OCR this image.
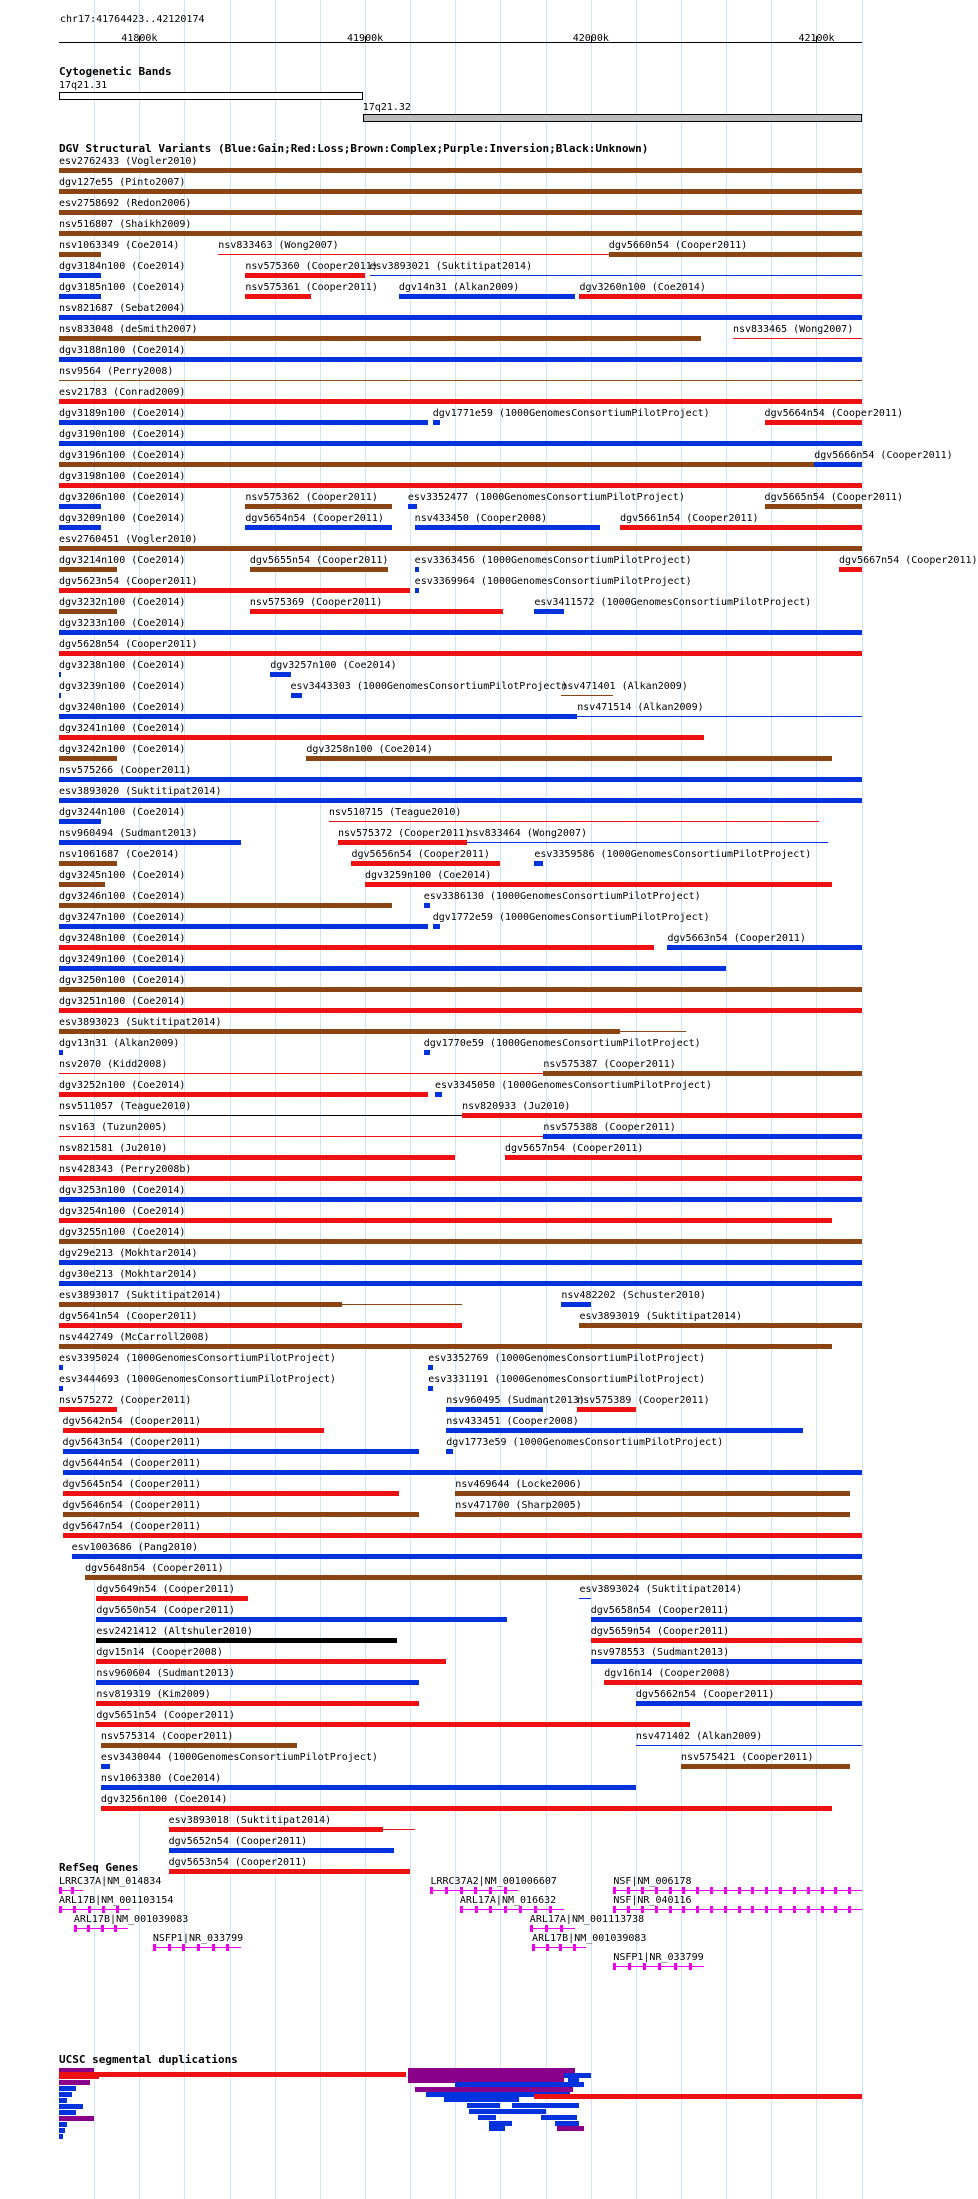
chr17:41764423..42120174
41800k	41900k	42000k	42100k
Cytogenetic Bands
17q21.31
17q21.32
DGV Structural Variants (Blue:Gain;Red:Loss;Brown:Complex;Purple:Inversion;Black:Unknown)
esv2762433 (Vogler2010)
dgv127e55 (Pinto2007)
esv2758692 (Redon2006)
nsv516807 (Shaikh2009)
nsv1063349 (Coe2014)	nsv833463 (Wong2007)	dgv5660n54 (Cooper2011)
dgv3184n100 (Coe2014)	nsv575360 (Cooper2011)
esv3893021 (Suktitipat2014)
dgv3185n100 (Coe2014)	nsv575361 (Cooper2011) dgv14n31 (Alkan2009)	dgv3260n100 (Coe2014)
nsv821687 (Sebat2004)
nsv833048 (deSmith2007)	nsv833465 (Wong2007)
dgv3188n100 (Coe2014)
nsv9564 (Perry2008)
esv21783 (Conrad2009)
dgv3189n100 (Coe2014)	dgv1771e59 (1000GenomesConsortiumPilotProject)	dgv5664n54 (Cooper2011)
dgv3190n100 (Coe2014)
dgv3196n100 (Coe2014)	dgv5666n54 (Cooper2011)
dgv3198n100 (Coe2014)
dgv3206n100 (Coe2014)	nsv575362 (Cooper2011)	esv3352477 (1000GenomesConsortiumPilotProject)	dgv5665n54 (Cooper2011)
dgv3209n100 (Coe2014)	dgv5654n54 (Cooper2011)	nsv433450 (Cooper2008)	dgv5661n54 (Cooper2011)
esv2760451 (Vogler2010)
dgv3214n100 (Coe2014)	dgv5655n54 (Cooper2011)	esv3363456 (1000GenomesConsortiumPilotProject)	dgv5667n54 (Cooper2011)
dgv5623n54 (Cooper2011)	esv3369964 (1000GenomesConsortiumPilotProject)
dgv3232n100 (Coe2014)	nsv575369 (Cooper2011)	esv3411572 (1000GenomesConsortiumPilotProject)
dgv3233n100 (Coe2014)
dgv5628n54 (Cooper2011)
dgv3238n100 (Coe2014)	dgv3257n100 (Coe2014)
dgv3239n100 (Coe2014)	esv3443303 (1000GenomesConsortiumPilotProject)
nsv471401 (Alkan2009)
dgv3240n100 (Coe2014)	nsv471514 (Alkan2009)
dgv3241n100 (Coe2014)
dgv3242n100 (Coe2014)	dgv3258n100 (Coe2014)
nsv575266 (Cooper2011)
esv3893020 (Suktitipat2014)
dgv3244n100 (Coe2014)	nsv510715 (Teague2010)
nsv960494 (Sudmant2013)	nsv575372 (Cooper2011)
nsv833464 (Wong2007)
nsv1061687 (Coe2014)	dgv5656n54 (Cooper2011)	esv3359586 (1000GenomesConsortiumPilotProject)
dgv3245n100 (Coe2014)	dgv3259n100 (Coe2014)
dgv3246n100 (Coe2014)	esv3386130 (1000GenomesConsortiumPilotProject)
dgv3247n100 (Coe2014)	dgv1772e59 (1000GenomesConsortiumPilotProject)
dgv3248n100 (Coe2014)	dgv5663n54 (Cooper2011)
dgv3249n100 (Coe2014)
dgv3250n100 (Coe2014)
dgv3251n100 (Coe2014)
esv3893023 (Suktitipat2014)
dgv13n31 (Alkan2009)	dgv1770e59 (1000GenomesConsortiumPilotProject)
nsv2070 (Kidd2008)	nsv575387 (Cooper2011)
dgv3252n100 (Coe2014)	esv3345050 (1000GenomesConsortiumPilotProject)
nsv511057 (Teague2010)	nsv820933 (Ju2010)
nsv163 (Tuzun2005)	nsv575388 (Cooper2011)
nsv821581 (Ju2010)	dgv5657n54 (Cooper2011)
nsv428343 (Perry2008b)
dgv3253n100 (Coe2014)
dgv3254n100 (Coe2014)
dgv3255n100 (Coe2014)
dgv29e213 (Mokhtar2014)
dgv30e213 (Mokhtar2014)
esv3893017 (Suktitipat2014)	nsv482202 (Schuster2010)
dgv5641n54 (Cooper2011)	esv3893019 (Suktitipat2014)
nsv442749 (McCarroll2008)
esv3395024 (1000GenomesConsortiumPilotProject)	esv3352769 (1000GenomesConsortiumPilotProject)
esv3444693 (1000GenomesConsortiumPilotProject)	esv3331191 (1000GenomesConsortiumPilotProject)
nsv575272 (Cooper2011)	nsv960495 (Sudmant2013)
nsv575389 (Cooper2011)
dgv5642n54 (Cooper2011)	nsv433451 (Cooper2008)
dgv5643n54 (Cooper2011)	dgv1773e59 (1000GenomesConsortiumPilotProject)
dgv5644n54 (Cooper2011)
dgv5645n54 (Cooper2011)	nsv469644 (Locke2006)
dgv5646n54 (Cooper2011)	nsv471700 (Sharp2005)
dgv5647n54 (Cooper2011)
esv1003686 (Pang2010)
dgv5648n54 (Cooper2011)
dgv5649n54 (Cooper2011)	esv3893024 (Suktitipat2014)
dgv5650n54 (Cooper2011)	dgv5658n54 (Cooper2011)
esv2421412 (Altshuler2010)	dgv5659n54 (Cooper2011)
dgv15n14 (Cooper2008)	nsv978553 (Sudmant2013)
nsv960604 (Sudmant2013)	dgv16n14 (Cooper2008)
nsv819319 (Kim2009)	dgv5662n54 (Cooper2011)
dgv5651n54 (Cooper2011)
nsv575314 (Cooper2011)	nsv471402 (Alkan2009)
esv3430044 (1000GenomesConsortiumPilotProject)	nsv575421 (Cooper2011)
nsv1063380 (Coe2014)
dgv3256n100 (Coe2014)
esv3893018 (Suktitipat2014)
dgv5652n54 (Cooper2011)
dgv5653n54 (Cooper2011)
RefSeq Genes
LRRC37A|NM_014834	LRRC37A2|NM_001006607	NSF|NM_006178
ARL17B|NM_001103154	ARL17A|NM_016632	NSF|NR_040116
ARL17B|NM_001039083	ARL17A|NM_001113738
NSFP1|NR_033799	ARL17B|NM_001039083
NSFP1|NR_033799
UCSC segmental duplications
